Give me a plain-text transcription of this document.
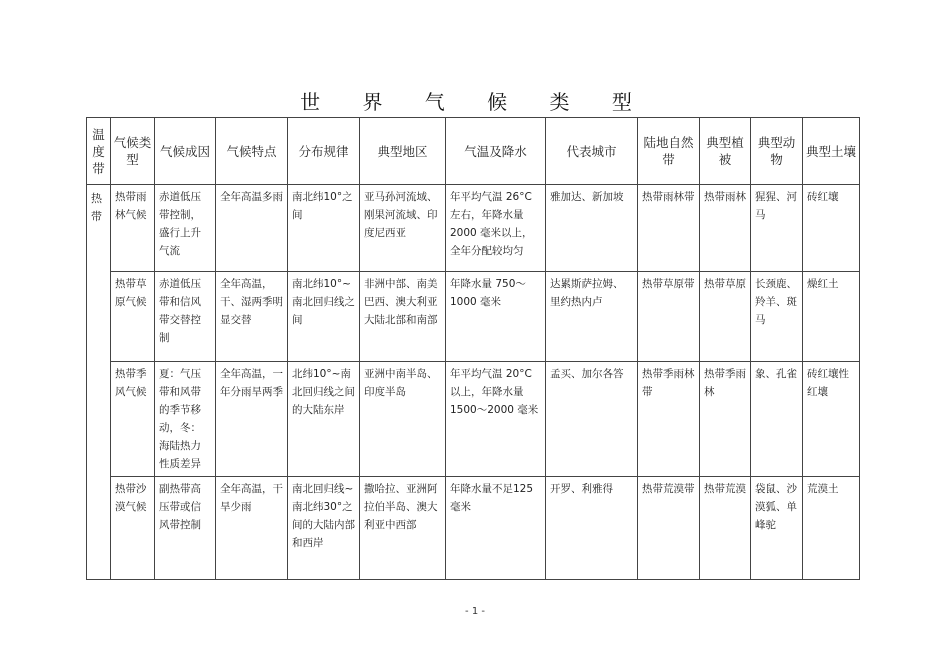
世 界 气 候 类 型
温度带	气候类型	气候成因	气候特点	分布规律	典型地区	气温及降水	代表城市	陆地自然带	典型植被	典型动物	典型土壤
热带	热带雨林气候	赤道低压带控制，盛行上升气流	全年高温多雨	南北纬10°之间	亚马孙河流域、刚果河流域、印度尼西亚	年平均气温 26°C左右，年降水量2000 毫米以上，全年分配较均匀	雅加达、新加坡	热带雨林带	热带雨林	猩猩、河马	砖红壤
	热带草原气候	赤道低压带和信风带交替控制	全年高温，干、湿两季明显交替	南北纬10°~南北回归线之间	非洲中部、南美巴西、澳大利亚大陆北部和南部	年降水量 750～1000 毫米	达累斯萨拉姆、里约热内卢	热带草原带	热带草原	长颈鹿、羚羊、斑马	燥红土
	热带季风气候	夏：气压带和风带的季节移动，冬：海陆热力性质差异	全年高温，一年分雨旱两季	北纬10°~南北回归线之间的大陆东岸	亚洲中南半岛、印度半岛	年平均气温 20°C以上，年降水量1500～2000 毫米	孟买、加尔各答	热带季雨林带	热带季雨林	象、孔雀	砖红壤性红壤
	热带沙漠气候	副热带高压带或信风带控制	全年高温，干旱少雨	南北回归线~南北纬30°之间的大陆内部和西岸	撒哈拉、亚洲阿拉伯半岛、澳大利亚中西部	年降水量不足125 毫米	开罗、利雅得	热带荒漠带	热带荒漠	袋鼠、沙漠狐、单峰驼	荒漠土
- 1 -
